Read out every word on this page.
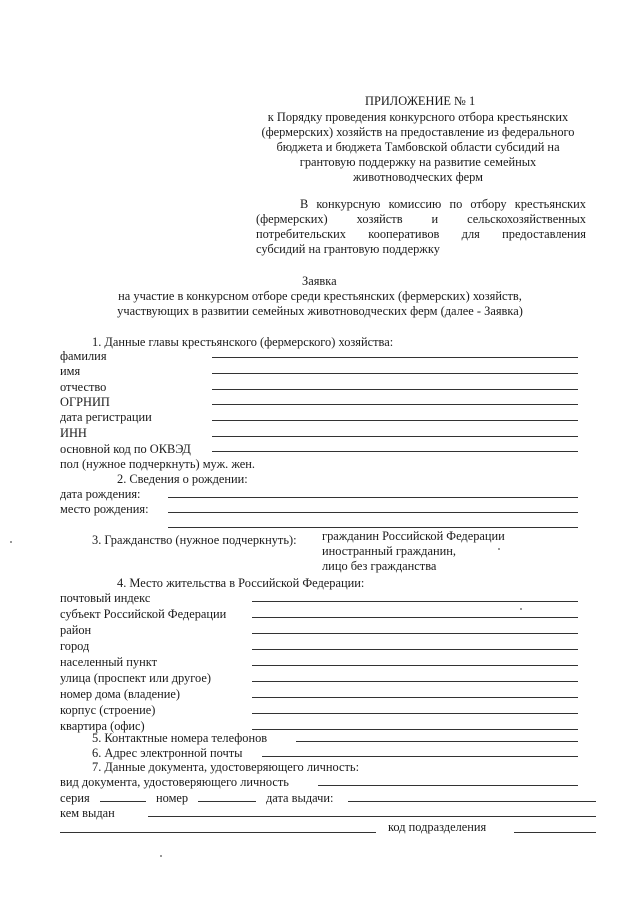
ПРИЛОЖЕНИЕ № 1
к Порядку проведения конкурсного отбора крестьянских
(фермерских) хозяйств на предоставление из федерального
бюджета и бюджета Тамбовской области субсидий на
грантовую поддержку на развитие семейных
животноводческих ферм
В конкурсную комиссию по отбору крестьянских
(фермерских) хозяйств и сельскохозяйственных
потребительских кооперативов для предоставления
субсидий на грантовую поддержку
Заявка
на участие в конкурсном отборе среди крестьянских (фермерских) хозяйств,
участвующих в развитии семейных животноводческих ферм (далее - Заявка)
1. Данные главы крестьянского (фермерского) хозяйства:
фамилия
имя
отчество
ОГРНИП
дата регистрации
ИНН
основной код по ОКВЭД
пол (нужное подчеркнуть) муж. жен.
2. Сведения о рождении:
дата рождения:
место рождения:
3. Гражданство (нужное подчеркнуть): гражданин Российской Федерации
иностранный гражданин,
лицо без гражданства
4. Место жительства в Российской Федерации:
почтовый индекс
субъект Российской Федерации
район
город
населенный пункт
улица (проспект или другое)
номер дома (владение)
корпус (строение)
квартира (офис)
5. Контактные номера телефонов
6. Адрес электронной почты
7. Данные документа, удостоверяющего личность:
вид документа, удостоверяющего личность
серия	номер	дата выдачи:
кем выдан
код подразделения
